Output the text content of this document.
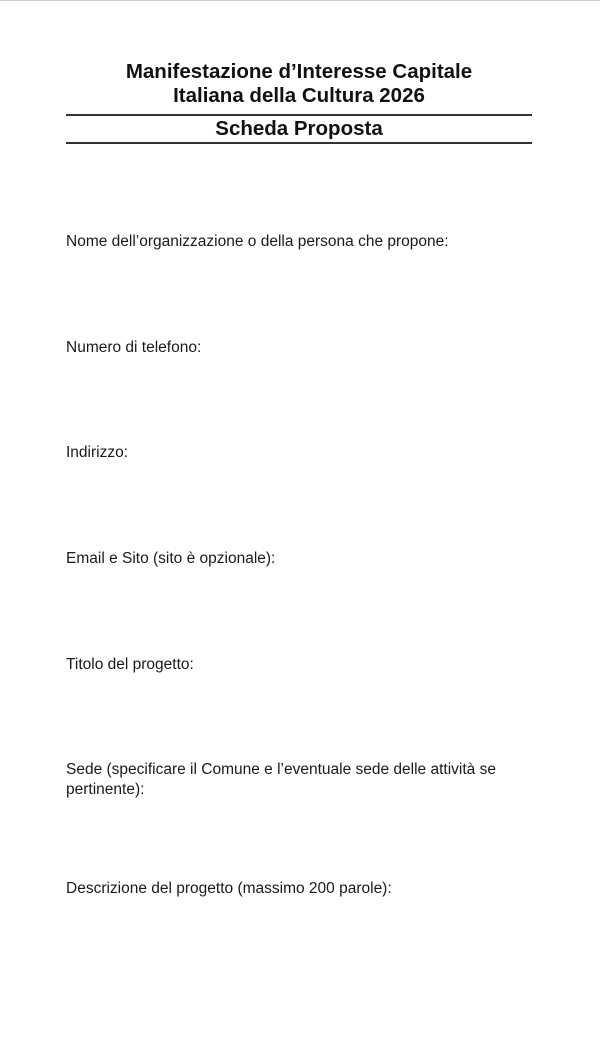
Manifestazione d’Interesse Capitale

Italiana della Cultura 2026

Scheda Proposta

Nome dell’organizzazione o della persona che propone:

Numero di telefono:

Indirizzo:

Email e Sito (sito è opzionale):

Titolo del progetto:

Sede (specificare il Comune e l’eventuale sede delle attività se pertinente):

Descrizione del progetto (massimo 200 parole):
